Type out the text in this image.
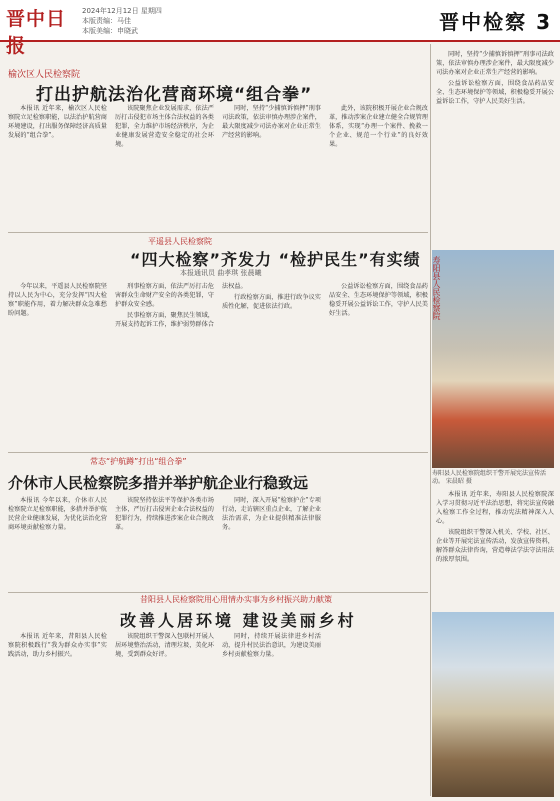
晋中日报
2024年12月12日 星期四
本版责编：马佳
本版美编：申晓武	晋中检察 3
榆次区人民检察院
打出护航法治化营商环境“组合拳”

本报讯 近年来，榆次区人民检察院立足检察职能，以法治护航营商环境建设，打出服务保障经济高质量发展的“组合拳”。

该院聚焦企业发展需求，依法严厉打击侵犯市场主体合法权益的各类犯罪，全力维护市场经济秩序，为企业健康发展营造安全稳定的社会环境。

同时，坚持“少捕慎诉慎押”刑事司法政策，依法审慎办理涉企案件，最大限度减少司法办案对企业正常生产经营的影响。

此外，该院积极开展企业合规改革，推动涉案企业建立健全合规管理体系，实现“办理一个案件、挽救一个企业、规范一个行业”的良好效果。

平遥县人民检察院
“四大检察”齐发力 “检护民生”有实绩
本报通讯员 曲孝琪 张晨曦

今年以来，平遥县人民检察院坚持以人民为中心，充分发挥“四大检察”职能作用，着力解决群众急难愁盼问题。

刑事检察方面，依法严厉打击危害群众生命财产安全的各类犯罪，守护群众安全感。

民事检察方面，聚焦民生领域，开展支持起诉工作，维护弱势群体合法权益。

行政检察方面，推进行政争议实质性化解，促进依法行政。

公益诉讼检察方面，围绕食品药品安全、生态环境保护等领域，积极稳妥开展公益诉讼工作，守护人民美好生活。

常态“护航蹲”打出“组合拳”
介休市人民检察院多措并举护航企业行稳致远

本报讯 今年以来，介休市人民检察院立足检察职能，多措并举护航民营企业健康发展，为优化法治化营商环境贡献检察力量。

该院坚持依法平等保护各类市场主体，严厉打击侵害企业合法权益的犯罪行为，持续推进涉案企业合规改革。

同时，深入开展“检察护企”专项行动，走访辖区重点企业，了解企业法治需求，为企业提供精准法律服务。

昔阳县人民检察院用心用情办实事为乡村振兴助力献策
改善人居环境 建设美丽乡村

本报讯 近年来，昔阳县人民检察院积极践行“我为群众办实事”实践活动，助力乡村振兴。

该院组织干警深入包联村开展人居环境整治活动，清理垃圾，美化环境，受到群众好评。

同时，持续开展法律进乡村活动，提升村民法治意识，为建设美丽乡村贡献检察力量。

同时，坚持“少捕慎诉慎押”刑事司法政策，依法审慎办理涉企案件，最大限度减少司法办案对企业正常生产经营的影响。

公益诉讼检察方面，围绕食品药品安全、生态环境保护等领域，积极稳妥开展公益诉讼工作，守护人民美好生活。

寿阳县人民检察院组织干警开展宪法宣传活动。 宋晨昭 摄
寿阳县人民检察院

本报讯 近年来，寿阳县人民检察院深入学习贯彻习近平法治思想，将宪法宣传融入检察工作全过程，推动宪法精神深入人心。

该院组织干警深入机关、学校、社区、企业等开展宪法宣传活动，发放宣传资料，解答群众法律咨询，营造尊法学法守法用法的浓厚氛围。
